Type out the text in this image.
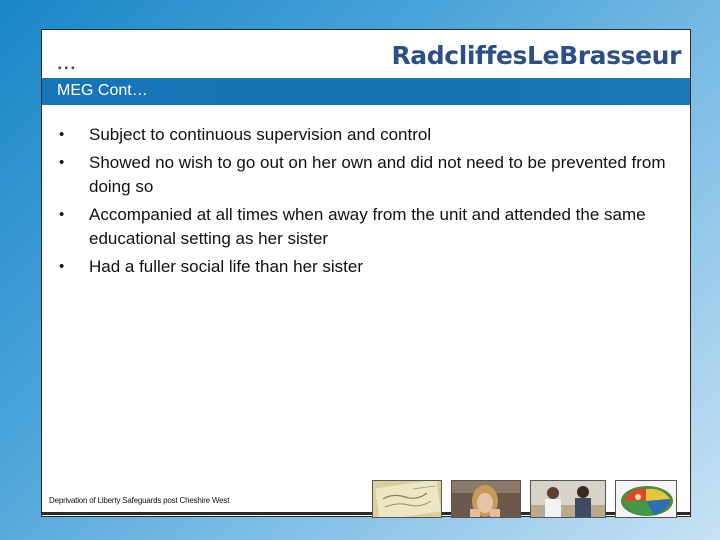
RadcliffesLeBrasseur
▪▪▪
MEG Cont…
• Subject to continuous supervision and control
• Showed no wish to go out on her own and did not need to be prevented from doing so
• Accompanied at all times when away from the unit and attended the same educational setting as her sister
• Had a fuller social life than her sister
Deprivation of Liberty Safeguards post Cheshire West
